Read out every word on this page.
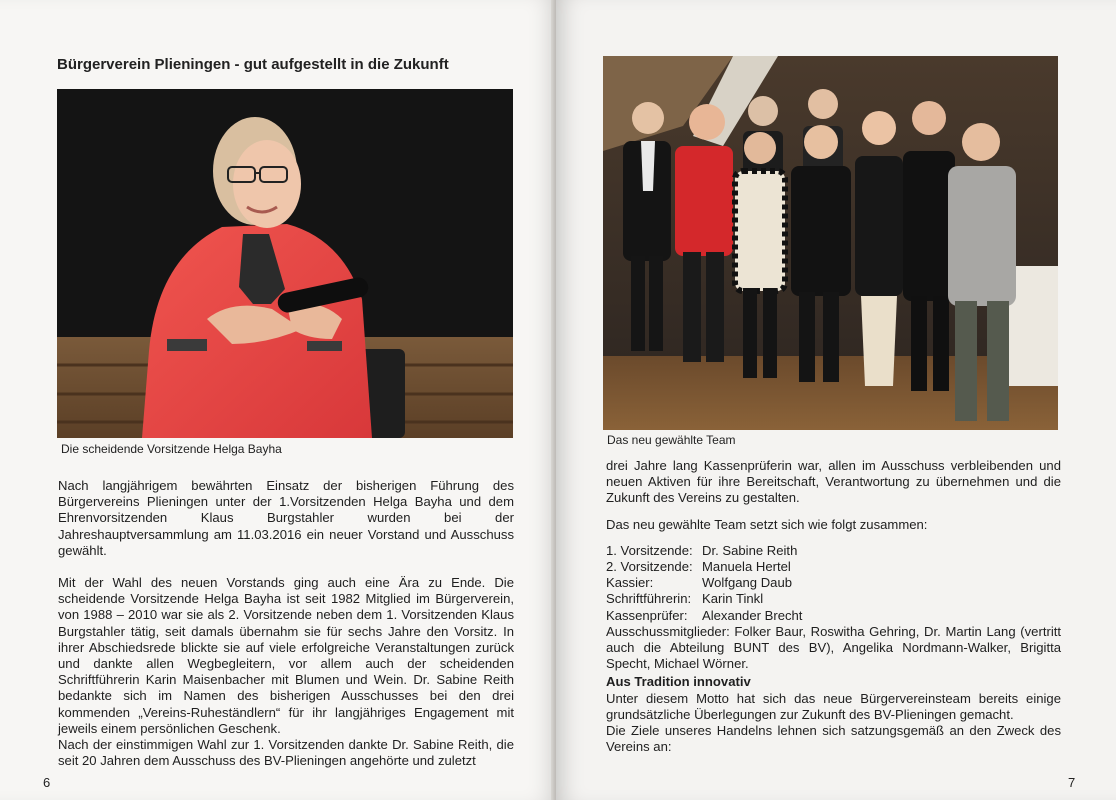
Bürgerverein Plieningen - gut aufgestellt in die Zukunft
Die scheidende Vorsitzende Helga Bayha

Nach langjährigem bewährten Einsatz der bisherigen Führung des Bürgervereins Plieningen unter der 1.Vorsitzenden Helga Bayha und dem Ehrenvorsitzenden Klaus Burgstahler wurden bei der Jahreshauptversammlung am 11.03.2016 ein neuer Vorstand und Ausschuss gewählt.

Mit der Wahl des neuen Vorstands ging auch eine Ära zu Ende. Die scheidende Vorsitzende Helga Bayha ist seit 1982 Mitglied im Bürgerverein, von 1988 – 2010 war sie als 2. Vorsitzende neben dem 1. Vorsitzenden Klaus Burgstahler tätig, seit damals übernahm sie für sechs Jahre den Vorsitz. In ihrer Abschiedsrede blickte sie auf viele erfolgreiche Veranstaltungen zurück und dankte allen Wegbegleitern, vor allem auch der scheidenden Schriftführerin Karin Maisenbacher mit Blumen und Wein. Dr. Sabine Reith bedankte sich im Namen des bisherigen Ausschusses bei den drei kommenden „Vereins-Ruheständlern“ für ihr langjähriges Engagement mit jeweils einem persönlichen Geschenk.

Nach der einstimmigen Wahl zur 1. Vorsitzenden dankte Dr. Sabine Reith, die seit 20 Jahren dem Ausschuss des BV-Plieningen angehörte und zuletzt

6
Das neu gewählte Team

drei Jahre lang Kassenprüferin war, allen im Ausschuss verbleibenden und neuen Aktiven für ihre Bereitschaft, Verantwortung zu übernehmen und die Zukunft des Vereins zu gestalten.

Das neu gewählte Team setzt sich wie folgt zusammen:

1. Vorsitzende: Dr. Sabine Reith
2. Vorsitzende: Manuela Hertel
Kassier:	Wolfgang Daub
Schriftführerin: Karin Tinkl
Kassenprüfer:	Alexander Brecht

Ausschussmitglieder: Folker Baur, Roswitha Gehring, Dr. Martin Lang (vertritt auch die Abteilung BUNT des BV), Angelika Nordmann-Walker, Brigitta Specht, Michael Wörner.

Aus Tradition innovativ

Unter diesem Motto hat sich das neue Bürgervereinsteam bereits einige grundsätzliche Überlegungen zur Zukunft des BV-Plieningen gemacht.

Die Ziele unseres Handelns lehnen sich satzungsgemäß an den Zweck des Vereins an:

7
